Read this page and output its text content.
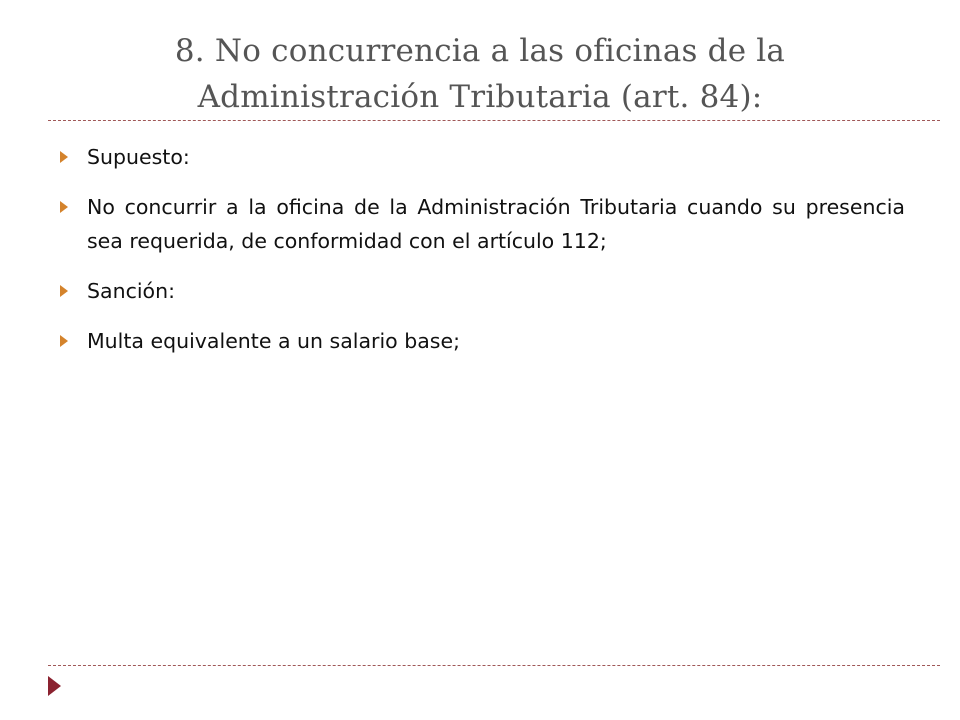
8. No concurrencia a las oficinas de la
Administración Tributaria (art. 84):
Supuesto:
No concurrir a la oficina de la Administración Tributaria cuando su presencia sea requerida, de conformidad con el artículo 112;
Sanción:
Multa equivalente a un salario base;
